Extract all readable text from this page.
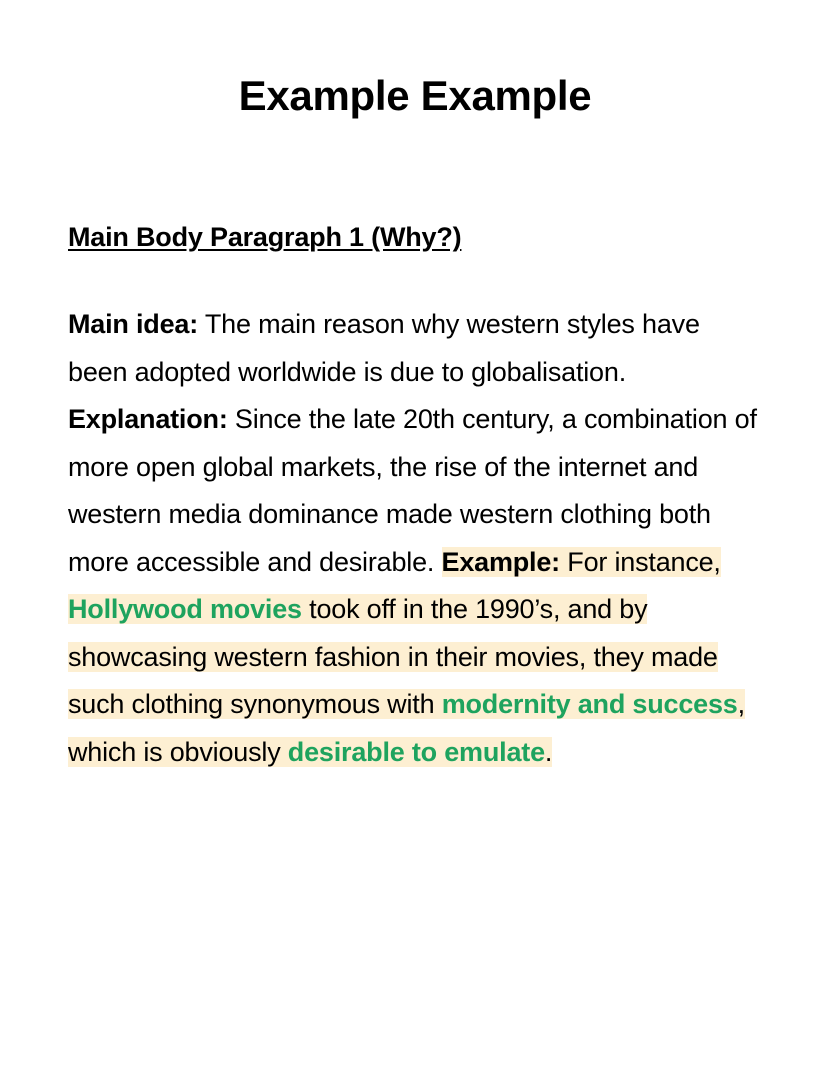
Example Example
Main Body Paragraph 1 (Why?)

Main idea: The main reason why western styles have been adopted worldwide is due to globalisation. Explanation: Since the late 20th century, a combination of more open global markets, the rise of the internet and western media dominance made western clothing both more accessible and desirable. Example: For instance, Hollywood movies took off in the 1990’s, and by showcasing western fashion in their movies, they made such clothing synonymous with modernity and success, which is obviously desirable to emulate.
